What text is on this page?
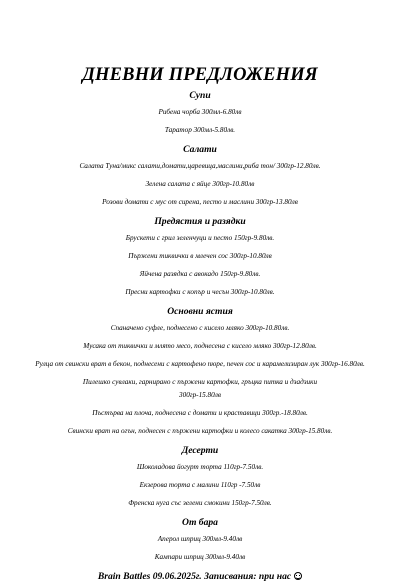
ДНЕВНИ ПРЕДЛОЖЕНИЯ
Супи
Рибена чорба 300мл-6.80лв
Таратор 300мл-5.80лв.
Салати
Салата Туна/микс салати,домати,царевица,маслини,риба тон/ 300гр-12.80лв.
Зелена салата с яйце 300гр-10.80лв
Розови домати с мус от сирена, песто и маслини 300гр-13.80лв
Предястия и разядки
Брускети с грил зеленчуци и песто 150гр-9.80лв.
Пържени тиквички в млечен сос 300гр-10.80лв
Яйчена разядка с авокадо 150гр-9.80лв.
Пресни картофки с копър и чесън 300гр-10.80лв.
Основни ястия
Спаначено суфле, поднесено с кисело мляко 300гр-10.80лв.
Мусака от тиквички и млято месо, поднесена с кисело мляко 300гр-12.80лв.
Рулца от свински врат в бекон, поднесени с картофено пюре, печен сос и карамелизиран лук 300гр-16.80лв.
Пилешко сувлаки, гарнирано с пържени картофки, гръцка питка и дзадзики
300гр-15.80лв
Пъстърва на плоча, поднесена с домати и краставици 300гр.-18.80лв.
Свински врат на огън, поднесен с пържени картофки и колесо сакатка 300гр-15.80лв.
Десерти
Шоколадова йогурт торта 110гр-7.50лв.
Екзерова торта с малини 110гр -7.50лв
Френска нуга със зелени смокини 150гр-7.50лв.
От бара
Аперол шприц 300мл-9.40лв
Кампари шприц 300мл-9.40лв
Brain Battles 09.06.2025г. Записвания: при нас
